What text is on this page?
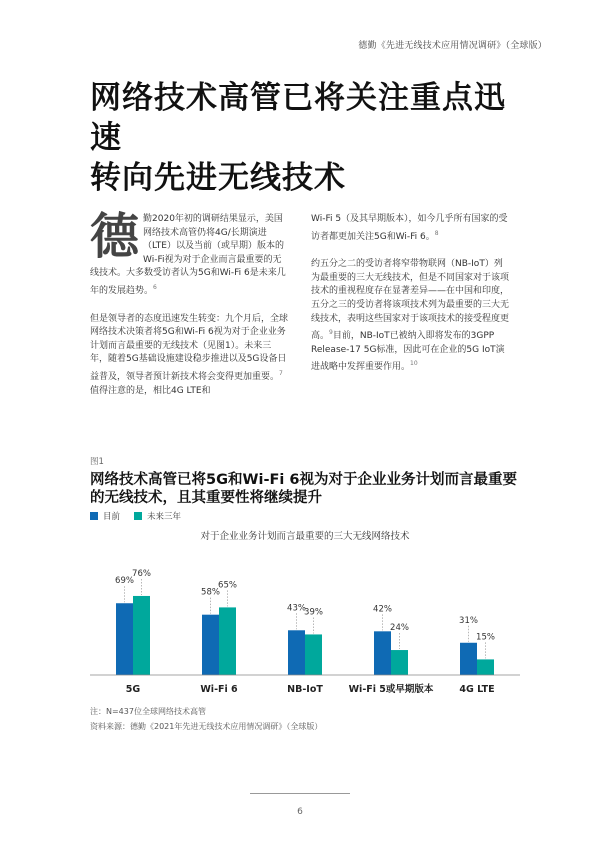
德勤《先进无线技术应用情况调研》（全球版）
网络技术高管已将关注重点迅速
转向先进无线技术

德勤2020年初的调研结果显示，美国网络技术高管仍将4G/长期演进（LTE）以及当前（或早期）版本的Wi-Fi视为对于企业而言最重要的无线技术。大多数受访者认为5G和Wi-Fi 6是未来几年的发展趋势。$^6$

但是领导者的态度迅速发生转变：九个月后，全球网络技术决策者将5G和Wi-Fi 6视为对于企业业务计划而言最重要的无线技术（见图1）。未来三年，随着5G基础设施建设稳步推进以及5G设备日益普及，领导者预计新技术将会变得更加重要。$^7$值得注意的是，相比4G LTE和

Wi-Fi 5（及其早期版本），如今几乎所有国家的受访者都更加关注5G和Wi-Fi 6。$^8$

约五分之二的受访者将窄带物联网（NB-IoT）列为最重要的三大无线技术，但是不同国家对于该项技术的重视程度存在显著差异——在中国和印度，五分之三的受访者将该项技术列为最重要的三大无线技术，表明这些国家对于该项技术的接受程度更高。$^9$目前，NB-IoT已被纳入即将发布的3GPP Release-17 5G标准，因此可在企业的5G IoT演进战略中发挥重要作用。$^{10}$

图1
网络技术高管已将5G和Wi-Fi 6视为对于企业业务计划而言最重要的无线技术，且其重要性将继续提升
目前	未来三年
对于企业业务计划而言最重要的三大无线网络技术
69%
76%
5G
58%
65%
Wi-Fi 6
43%
39%
NB-IoT
42%
24%
Wi-Fi 5或早期版本
31%
15%
4G LTE
注：N=437位全球网络技术高管
资料来源：德勤《2021年先进无线技术应用情况调研》（全球版）
6
